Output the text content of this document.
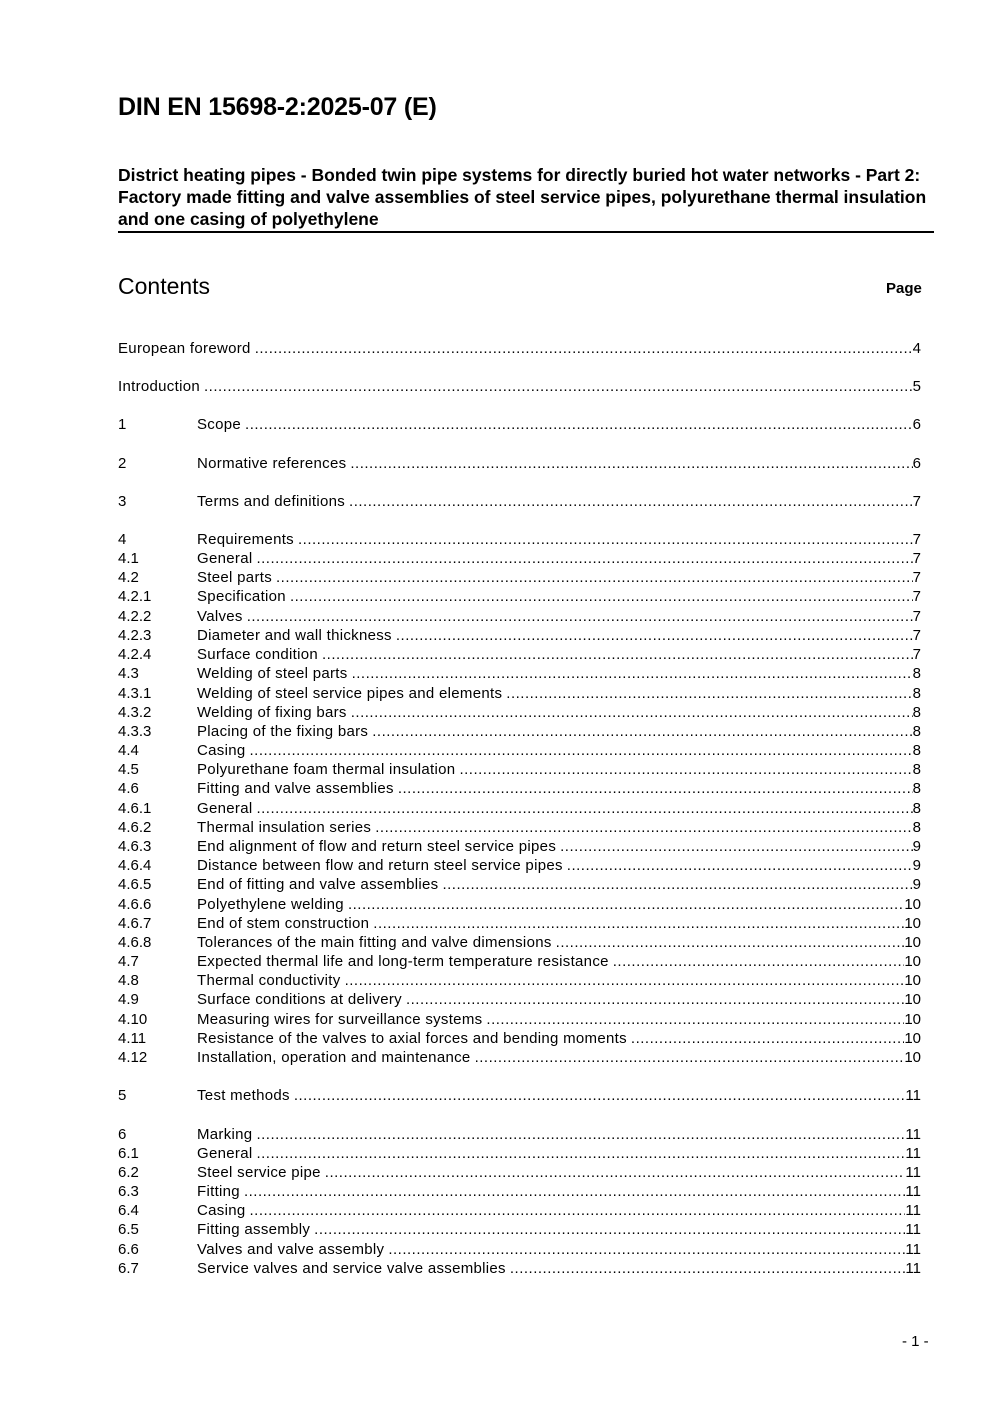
DIN EN 15698-2:2025-07 (E)
District heating pipes - Bonded twin pipe systems for directly buried hot water networks - Part 2: Factory made fitting and valve assemblies of steel service pipes, polyurethane thermal insulation and one casing of polyethylene
Contents	Page
European foreword .....	4
Introduction .....	5
1	Scope .....	6
2	Normative references .....	6
3	Terms and definitions .....	7
4	Requirements .....	7
4.1	General .....	7
4.2	Steel parts .....	7
4.2.1	Specification .....	7
4.2.2	Valves .....	7
4.2.3	Diameter and wall thickness .....	7
4.2.4	Surface condition .....	7
4.3	Welding of steel parts .....	8
4.3.1	Welding of steel service pipes and elements .....	8
4.3.2	Welding of fixing bars .....	8
4.3.3	Placing of the fixing bars .....	8
4.4	Casing .....	8
4.5	Polyurethane foam thermal insulation .....	8
4.6	Fitting and valve assemblies .....	8
4.6.1	General .....	8
4.6.2	Thermal insulation series .....	8
4.6.3	End alignment of flow and return steel service pipes .....	9
4.6.4	Distance between flow and return steel service pipes .....	9
4.6.5	End of fitting and valve assemblies .....	9
4.6.6	Polyethylene welding .....	10
4.6.7	End of stem construction .....	10
4.6.8	Tolerances of the main fitting and valve dimensions .....	10
4.7	Expected thermal life and long-term temperature resistance .....	10
4.8	Thermal conductivity .....	10
4.9	Surface conditions at delivery .....	10
4.10	Measuring wires for surveillance systems .....	10
4.11	Resistance of the valves to axial forces and bending moments .....	10
4.12	Installation, operation and maintenance .....	10
5	Test methods .....	11
6	Marking .....	11
6.1	General .....	11
6.2	Steel service pipe .....	11
6.3	Fitting .....	11
6.4	Casing .....	11
6.5	Fitting assembly .....	11
6.6	Valves and valve assembly .....	11
6.7	Service valves and service valve assemblies .....	11
- 1 -
